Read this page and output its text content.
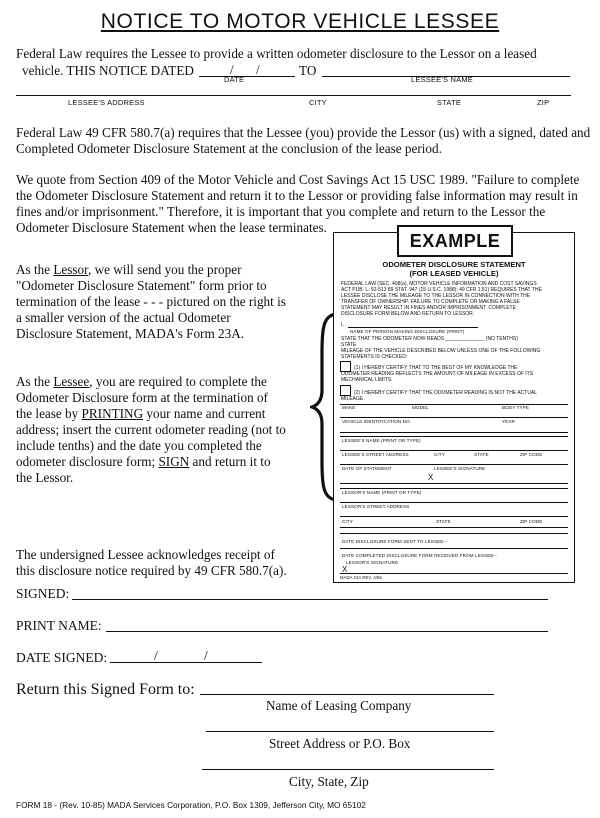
NOTICE TO MOTOR VEHICLE LESSEE
Federal Law requires the Lessee to provide a written odometer disclosure to the Lessor on a leased
vehicle. THIS NOTICE DATED	/ /	TO
DATE	LESSEE'S NAME
LESSEE'S ADDRESS	CITY	STATE	ZIP
Federal Law 49 CFR 580.7(a) requires that the Lessee (you) provide the Lessor (us) with a signed, dated and
Completed Odometer Disclosure Statement at the conclusion of the lease period.
We quote from Section 409 of the Motor Vehicle and Cost Savings Act 15 USC 1989. "Failure to complete
the Odometer Disclosure Statement and return it to the Lessor or providing false information may result in
fines and/or imprisonment." Therefore, it is important that you complete and return to the Lessor the
Odometer Disclosure Statement when the lease terminates.
As the Lessor, we will send you the proper
"Odometer Disclosure Statement" form prior to
termination of the lease - - - pictured on the right is
a smaller version of the actual Odometer
Disclosure Statement, MADA's Form 23A.
As the Lessee, you are required to complete the
Odometer Disclosure form at the termination of
the lease by PRINTING your name and current
address; insert the current odometer reading (not to
include tenths) and the date you completed the
odometer disclosure form; SIGN and return it to
the Lessor.
EXAMPLE
ODOMETER DISCLOSURE STATEMENT
(FOR LEASED VEHICLE)
FEDERAL LAW (SEC. 408(a), MOTOR VEHICLE INFORMATION AND COST SAVINGS
ACT PUB. L. 92-513 89 STAT. 947 (15 U.S.C. 1988); 49 CFR 1.51) REQUIRES THAT THE
LESSEE DISCLOSE THE MILEAGE TO THE LESSOR IN CONNECTION WITH THE
TRANSFER OF OWNERSHIP. FAILURE TO COMPLETE OR MAKING A FALSE
STATEMENT MAY RESULT IN FINES AND/OR IMPRISONMENT. COMPLETE
DISCLOSURE FORM BELOW AND RETURN TO LESSOR.
I,
NAME OF PERSON MAKING DISCLOSURE (PRINT)
STATE THAT THE ODOMETER NOW READS ______________ (NO TENTHS)
STATE
MILEAGE OF THE VEHICLE DESCRIBED BELOW UNLESS ONE OF THE FOLLOWING
STATEMENTS IS CHECKED:
(1) I HEREBY CERTIFY THAT TO THE BEST OF MY KNOWLEDGE THE
ODOMETER READING REFLECTS THE AMOUNT OF MILEAGE IN EXCESS OF ITS
MECHANICAL LIMITS.
(2) I HEREBY CERTIFY THAT THE ODOMETER READING IS NOT THE ACTUAL
MILEAGE.
MAKE	MODEL	BODY TYPE
VEHICLE IDENTIFICATION NO.	YEAR
LESSEE'S NAME (PRINT OR TYPE)
LESSEE'S STREET ADDRESS	CITY	STATE	ZIP CODE
DATE OF STATEMENT	LESSEE'S SIGNATURE
X
LESSOR'S NAME (PRINT OR TYPE)
LESSOR'S STREET ADDRESS
CITY	STATE	ZIP CODE
DATE DISCLOSURE FORM SENT TO LESSEE--
DATE COMPLETED DISCLOSURE FORM RECEIVED FROM LESSEE--
LESSOR'S SIGNATURE
X
MADA 23A REV. 4/86
The undersigned Lessee acknowledges receipt of
this disclosure notice required by 49 CFR 580.7(a).
SIGNED:
PRINT NAME:
DATE SIGNED:	/	/
Return this Signed Form to:
Name of Leasing Company
Street Address or P.O. Box
City, State, Zip
FORM 18 - (Rev. 10-85) MADA Services Corporation, P.O. Box 1309, Jefferson City, MO 65102
